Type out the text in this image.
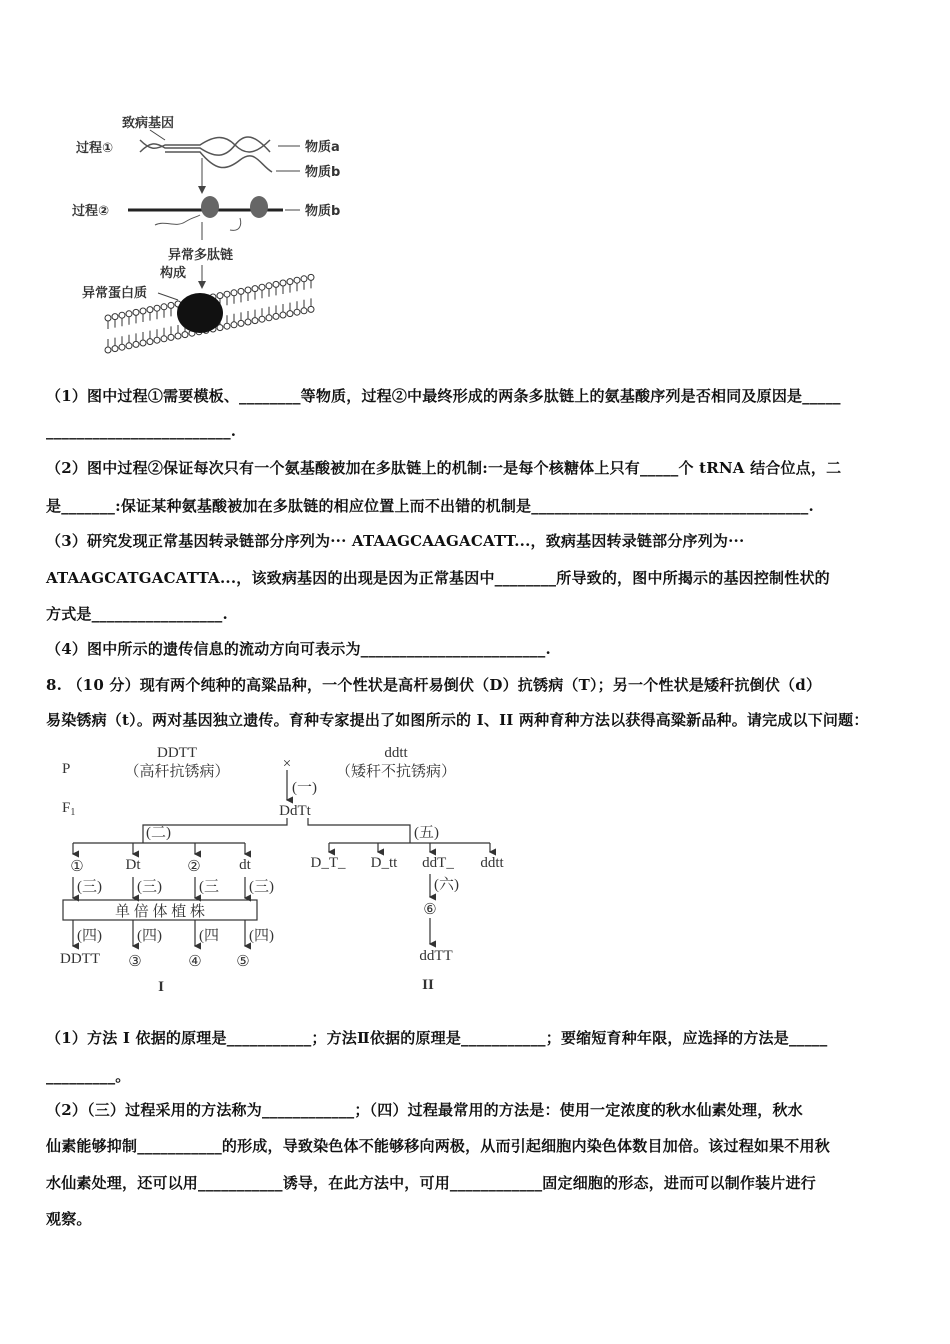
致病基因
过程①	物质a
物质b
过程②	物质b
异常多肽链
构成
异常蛋白质
（1）图中过程①需要模板、________等物质，过程②中最终形成的两条多肽链上的氨基酸序列是否相同及原因是_____
________________________.
（2）图中过程②保证每次只有一个氨基酸被加在多肽链上的机制:一是每个核糖体上只有_____个 tRNA 结合位点，二
是_______:保证某种氨基酸被加在多肽链的相应位置上而不出错的机制是____________________________________.
（3）研究发现正常基因转录链部分序列为··· ATAAGCAAGACATT...，致病基因转录链部分序列为···
ATAAGCATGACATTA...，该致病基因的出现是因为正常基因中________所导致的，图中所揭示的基因控制性状的
方式是_________________.
（4）图中所示的遗传信息的流动方向可表示为________________________.
8. （10 分）现有两个纯种的高粱品种，一个性状是高杆易倒伏（D）抗锈病（T）；另一个性状是矮秆抗倒伏（d）
易染锈病（t）。两对基因独立遗传。育种专家提出了如图所示的 I、II 两种育种方法以获得高粱新品种。请完成以下问题：
P
$F_1$
DDTT
（高秆抗锈病）	×
ddtt
（矮秆不抗锈病）
(一)
DdTt
(二)	(五)
①	Dt	②	dt	D_T_ D_tt ddT_ ddtt
(三) (三) (三 (三)
单 倍 体 植 株
(四) (四) (四 (四)
DDTT ③	④ ⑤
I
(六)
⑥
ddTT
II
（1）方法 I 依据的原理是___________；方法Ⅱ依据的原理是___________；要缩短育种年限，应选择的方法是_____
_________。
（2）（三）过程采用的方法称为____________；（四）过程最常用的方法是：使用一定浓度的秋水仙素处理，秋水
仙素能够抑制___________的形成，导致染色体不能够移向两极，从而引起细胞内染色体数目加倍。该过程如果不用秋
水仙素处理，还可以用___________诱导，在此方法中，可用____________固定细胞的形态，进而可以制作装片进行
观察。
